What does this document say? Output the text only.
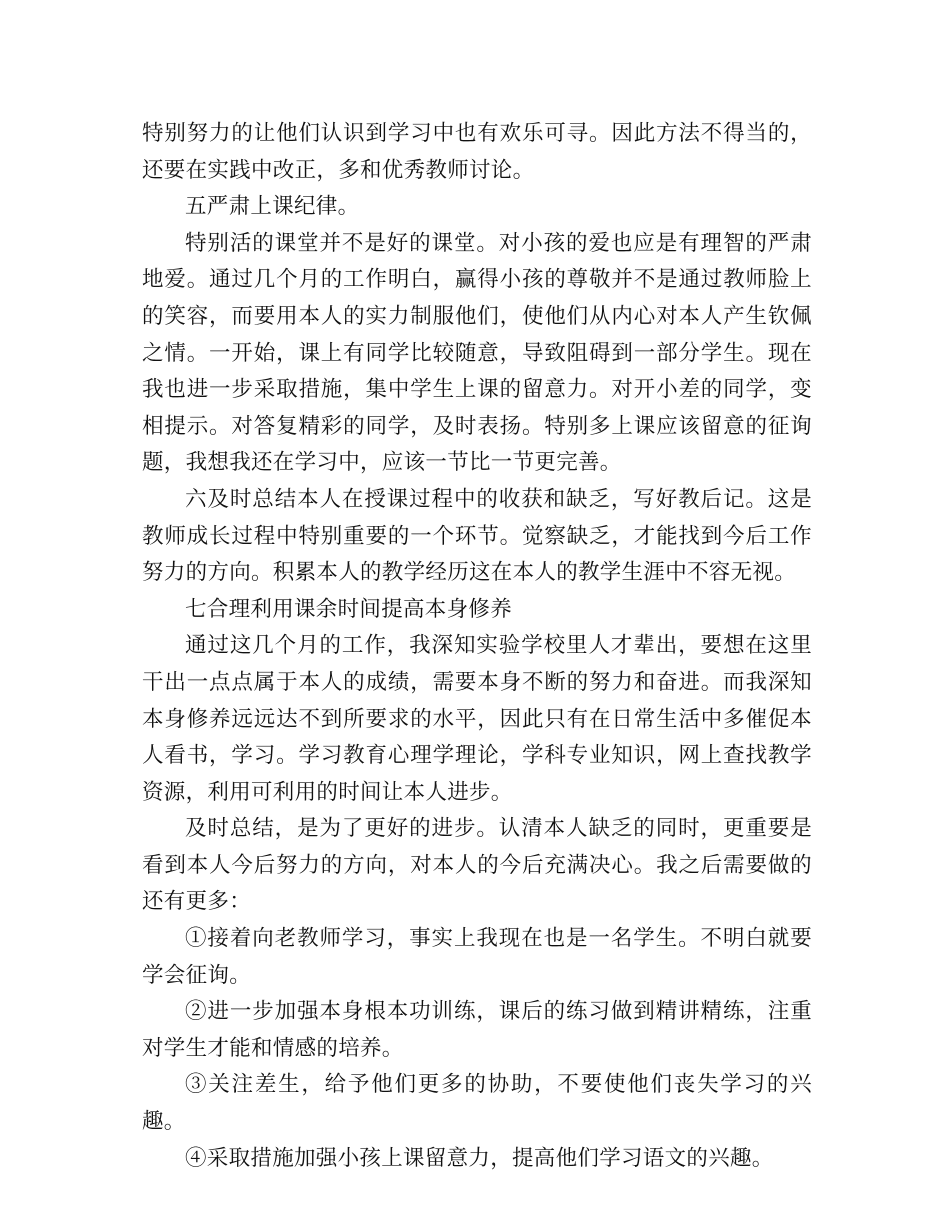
特别努力的让他们认识到学习中也有欢乐可寻。因此方法不得当的，还要在实践中改正，多和优秀教师讨论。

五严肃上课纪律。

特别活的课堂并不是好的课堂。对小孩的爱也应是有理智的严肃地爱。通过几个月的工作明白，赢得小孩的尊敬并不是通过教师脸上的笑容，而要用本人的实力制服他们，使他们从内心对本人产生钦佩之情。一开始，课上有同学比较随意，导致阻碍到一部分学生。现在我也进一步采取措施，集中学生上课的留意力。对开小差的同学，变相提示。对答复精彩的同学，及时表扬。特别多上课应该留意的征询题，我想我还在学习中，应该一节比一节更完善。

六及时总结本人在授课过程中的收获和缺乏，写好教后记。这是教师成长过程中特别重要的一个环节。觉察缺乏，才能找到今后工作努力的方向。积累本人的教学经历这在本人的教学生涯中不容无视。

七合理利用课余时间提高本身修养

通过这几个月的工作，我深知实验学校里人才辈出，要想在这里干出一点点属于本人的成绩，需要本身不断的努力和奋进。而我深知本身修养远远达不到所要求的水平，因此只有在日常生活中多催促本人看书，学习。学习教育心理学理论，学科专业知识，网上查找教学资源，利用可利用的时间让本人进步。

及时总结，是为了更好的进步。认清本人缺乏的同时，更重要是看到本人今后努力的方向，对本人的今后充满决心。我之后需要做的还有更多：

①接着向老教师学习，事实上我现在也是一名学生。不明白就要学会征询。

②进一步加强本身根本功训练，课后的练习做到精讲精练，注重对学生才能和情感的培养。

③关注差生，给予他们更多的协助，不要使他们丧失学习的兴趣。

④采取措施加强小孩上课留意力，提高他们学习语文的兴趣。
